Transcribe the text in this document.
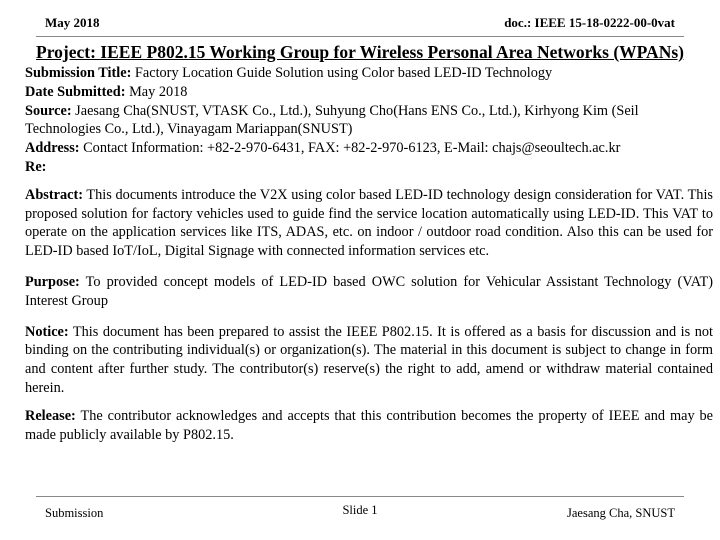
May 2018	doc.: IEEE 15-18-0222-00-0vat
Project: IEEE P802.15 Working Group for Wireless Personal Area Networks (WPANs)
Submission Title: Factory Location Guide Solution using Color based LED-ID Technology
Date Submitted: May 2018
Source: Jaesang Cha(SNUST, VTASK Co., Ltd.), Suhyung Cho(Hans ENS Co., Ltd.), Kirhyong Kim (Seil Technologies Co., Ltd.), Vinayagam Mariappan(SNUST)
Address: Contact Information: +82-2-970-6431, FAX: +82-2-970-6123, E-Mail: chajs@seoultech.ac.kr
Re:
Abstract: This documents introduce the V2X using color based LED-ID technology design consideration for VAT. This proposed solution for factory vehicles used to guide find the service location automatically using LED-ID. This VAT to operate on the application services like ITS, ADAS, etc. on indoor / outdoor road condition. Also this can be used for LED-ID based IoT/IoL, Digital Signage with connected information services etc.
Purpose: To provided concept models of LED-ID based OWC solution for Vehicular Assistant Technology (VAT) Interest Group
Notice: This document has been prepared to assist the IEEE P802.15. It is offered as a basis for discussion and is not binding on the contributing individual(s) or organization(s). The material in this document is subject to change in form and content after further study. The contributor(s) reserve(s) the right to add, amend or withdraw material contained herein.
Release: The contributor acknowledges and accepts that this contribution becomes the property of IEEE and may be made publicly available by P802.15.
Submission	Slide 1	Jaesang Cha, SNUST
